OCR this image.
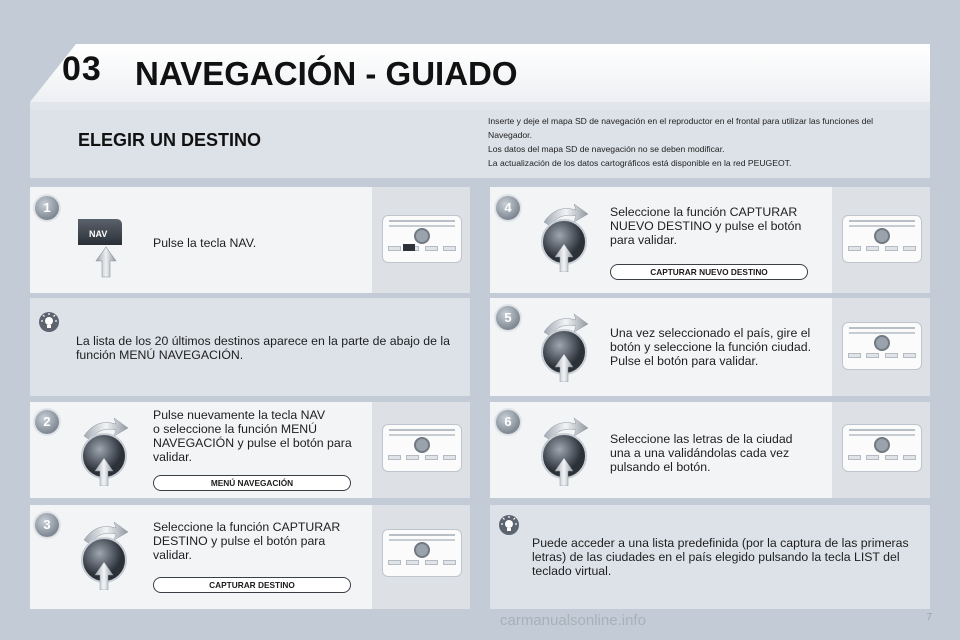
03 NAVEGACIÓN - GUIADO
ELEGIR UN DESTINO
Inserte y deje el mapa SD de navegación en el reproductor en el frontal para utilizar las funciones del
Navegador.
Los datos del mapa SD de navegación no se deben modificar.
La actualización de los datos cartográficos está disponible en la red PEUGEOT.
1
NAV
Pulse la tecla NAV.
La lista de los 20 últimos destinos aparece en la parte de abajo de la
función MENÚ NAVEGACIÓN.
2	Pulse nuevamente la tecla NAV
o seleccione la función MENÚ
NAVEGACIÓN y pulse el botón para
validar.
MENÚ NAVEGACIÓN
3	Seleccione la función CAPTURAR
DESTINO y pulse el botón para
validar.
CAPTURAR DESTINO
4	Seleccione la función CAPTURAR
NUEVO DESTINO y pulse el botón
para validar.
CAPTURAR NUEVO DESTINO
5
Una vez seleccionado el país, gire el
botón y seleccione la función ciudad.
Pulse el botón para validar.
6
Seleccione las letras de la ciudad
una a una validándolas cada vez
pulsando el botón.
Puede acceder a una lista predefinida (por la captura de las primeras
letras) de las ciudades en el país elegido pulsando la tecla LIST del
teclado virtual.
carmanualsonline.info	7
